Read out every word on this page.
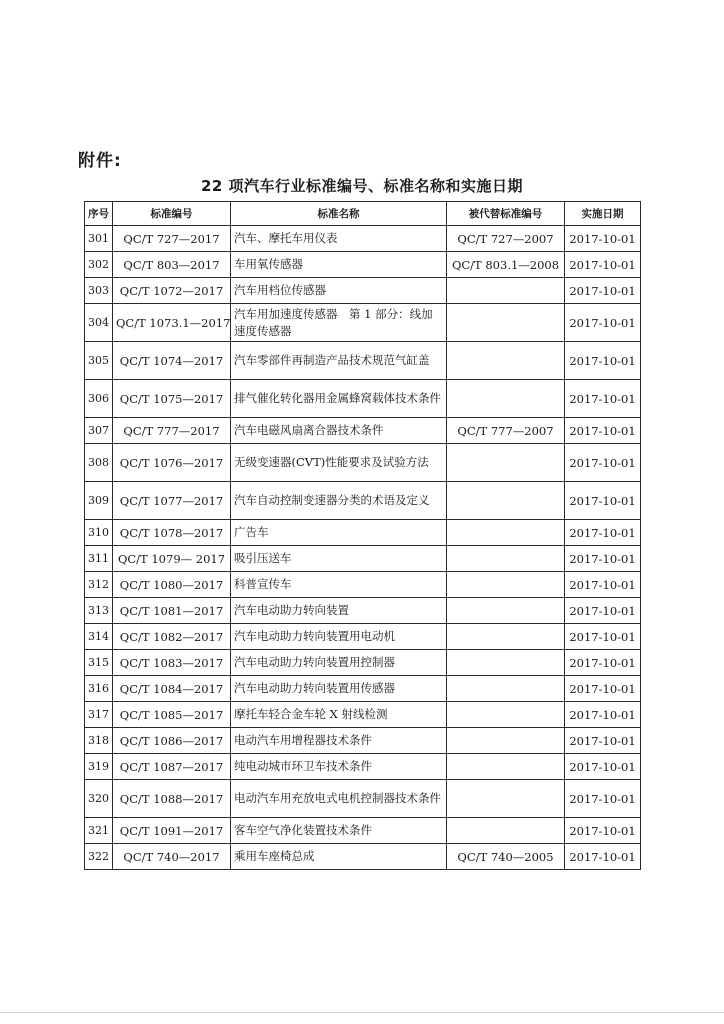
附件:
22 项汽车行业标准编号、标准名称和实施日期
序号	标准编号	标准名称	被代替标准编号	实施日期
301	QC/T 727—2017	汽车、摩托车用仪表	QC/T 727—2007	2017-10-01
302	QC/T 803—2017	车用氧传感器	QC/T 803.1—2008	2017-10-01
303	QC/T 1072—2017	汽车用档位传感器		2017-10-01
304	QC/T 1073.1—2017	汽车用加速度传感器　第 1 部分：线加速度传感器		2017-10-01
305	QC/T 1074—2017	汽车零部件再制造产品技术规范气缸盖		2017-10-01
306	QC/T 1075—2017	排气催化转化器用金属蜂窝载体技术条件		2017-10-01
307	QC/T 777—2017	汽车电磁风扇离合器技术条件	QC/T 777—2007	2017-10-01
308	QC/T 1076—2017	无级变速器(CVT)性能要求及试验方法		2017-10-01
309	QC/T 1077—2017	汽车自动控制变速器分类的术语及定义		2017-10-01
310	QC/T 1078—2017	广告车		2017-10-01
311	QC/T 1079— 2017	吸引压送车		2017-10-01
312	QC/T 1080—2017	科普宣传车		2017-10-01
313	QC/T 1081—2017	汽车电动助力转向装置		2017-10-01
314	QC/T 1082—2017	汽车电动助力转向装置用电动机		2017-10-01
315	QC/T 1083—2017	汽车电动助力转向装置用控制器		2017-10-01
316	QC/T 1084—2017	汽车电动助力转向装置用传感器		2017-10-01
317	QC/T 1085—2017	摩托车轻合金车轮 X 射线检测		2017-10-01
318	QC/T 1086—2017	电动汽车用增程器技术条件		2017-10-01
319	QC/T 1087—2017	纯电动城市环卫车技术条件		2017-10-01
320	QC/T 1088—2017	电动汽车用充放电式电机控制器技术条件		2017-10-01
321	QC/T 1091—2017	客车空气净化装置技术条件		2017-10-01
322	QC/T 740—2017	乘用车座椅总成	QC/T 740—2005	2017-10-01
